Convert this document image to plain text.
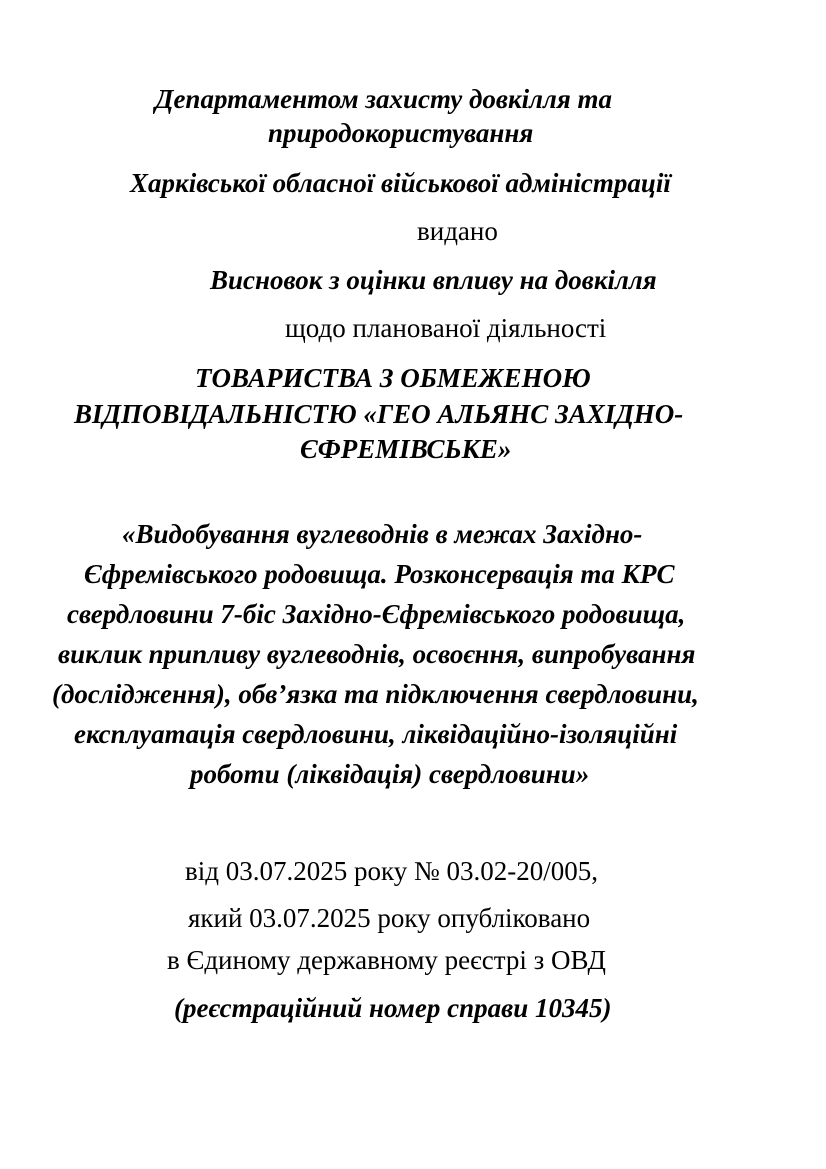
Департаментом захисту довкілля та

природокористування

Харківської обласної військової адміністрації

видано

Висновок з оцінки впливу на довкілля

щодо планованої діяльності

ТОВАРИСТВА З ОБМЕЖЕНОЮ

ВІДПОВІДАЛЬНІСТЮ «ГЕО АЛЬЯНС ЗАХІДНО-

ЄФРЕМІВСЬКЕ»

«Видобування вуглеводнів в межах Західно-

Єфремівського родовища. Розконсервація та КРС

свердловини 7-біс Західно-Єфремівського родовища,

виклик припливу вуглеводнів, освоєння, випробування

(дослідження), обв’язка та підключення свердловини,

експлуатація свердловини, ліквідаційно-ізоляційні

роботи (ліквідація) свердловини»

від 03.07.2025 року № 03.02-20/005,

який 03.07.2025 року опубліковано

в Єдиному державному реєстрі з ОВД

(реєстраційний номер справи 10345)
